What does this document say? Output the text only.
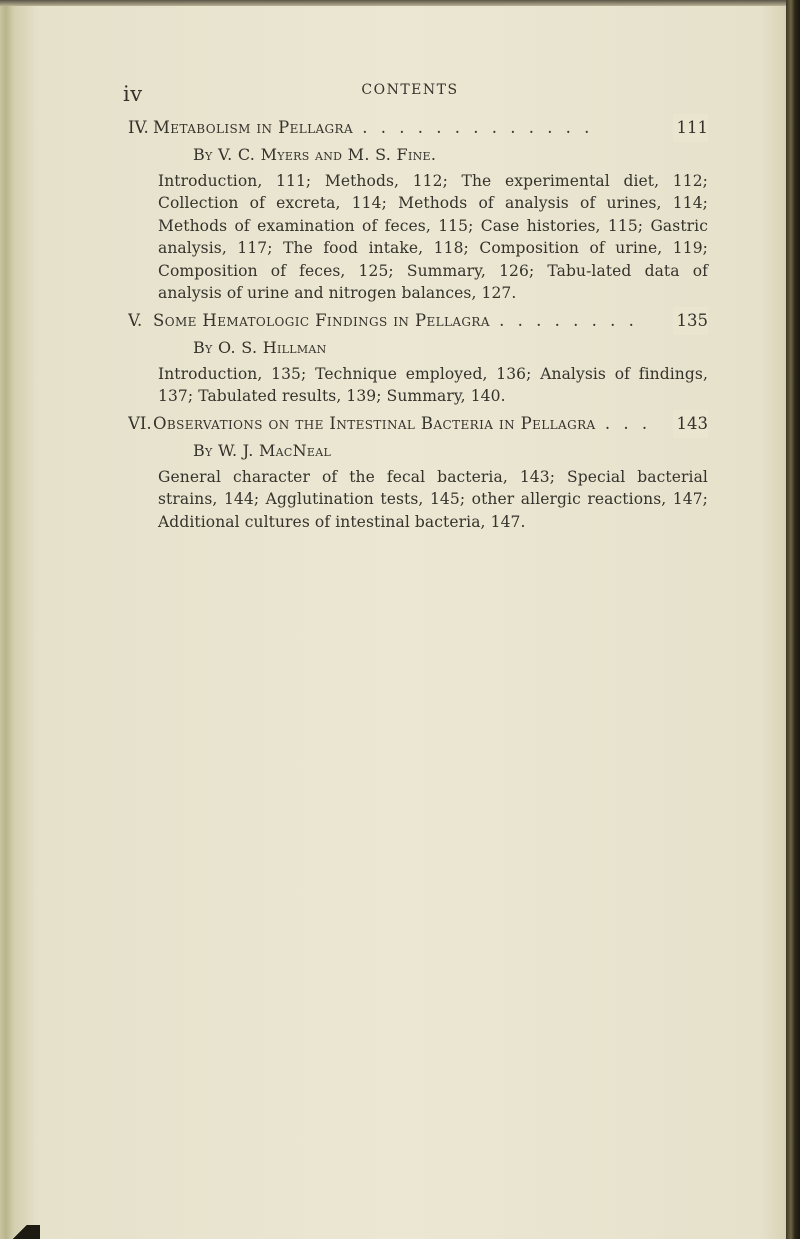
iv	CONTENTS
IV. Metabolism in Pellagra . . . . . . . . . . . . .	111
By V. C. Myers and M. S. Fine.
Introduction, 111; Methods, 112; The experimental diet, 112; Collection of excreta, 114; Methods of analysis of urines, 114; Methods of examination of feces, 115; Case histories, 115; Gastric analysis, 117; The food intake, 118; Composition of urine, 119; Composition of feces, 125; Summary, 126; Tabu-lated data of analysis of urine and nitrogen balances, 127.
V. Some Hematologic Findings in Pellagra . . . . . . . . 135
By O. S. Hillman
Introduction, 135; Technique employed, 136; Analysis of findings, 137; Tabulated results, 139; Summary, 140.
VI.Observations on the Intestinal Bacteria in Pellagra . . . 143
By W. J. MacNeal
General character of the fecal bacteria, 143; Special bacterial strains, 144; Agglutination tests, 145; other allergic reactions, 147; Additional cultures of intestinal bacteria, 147.
